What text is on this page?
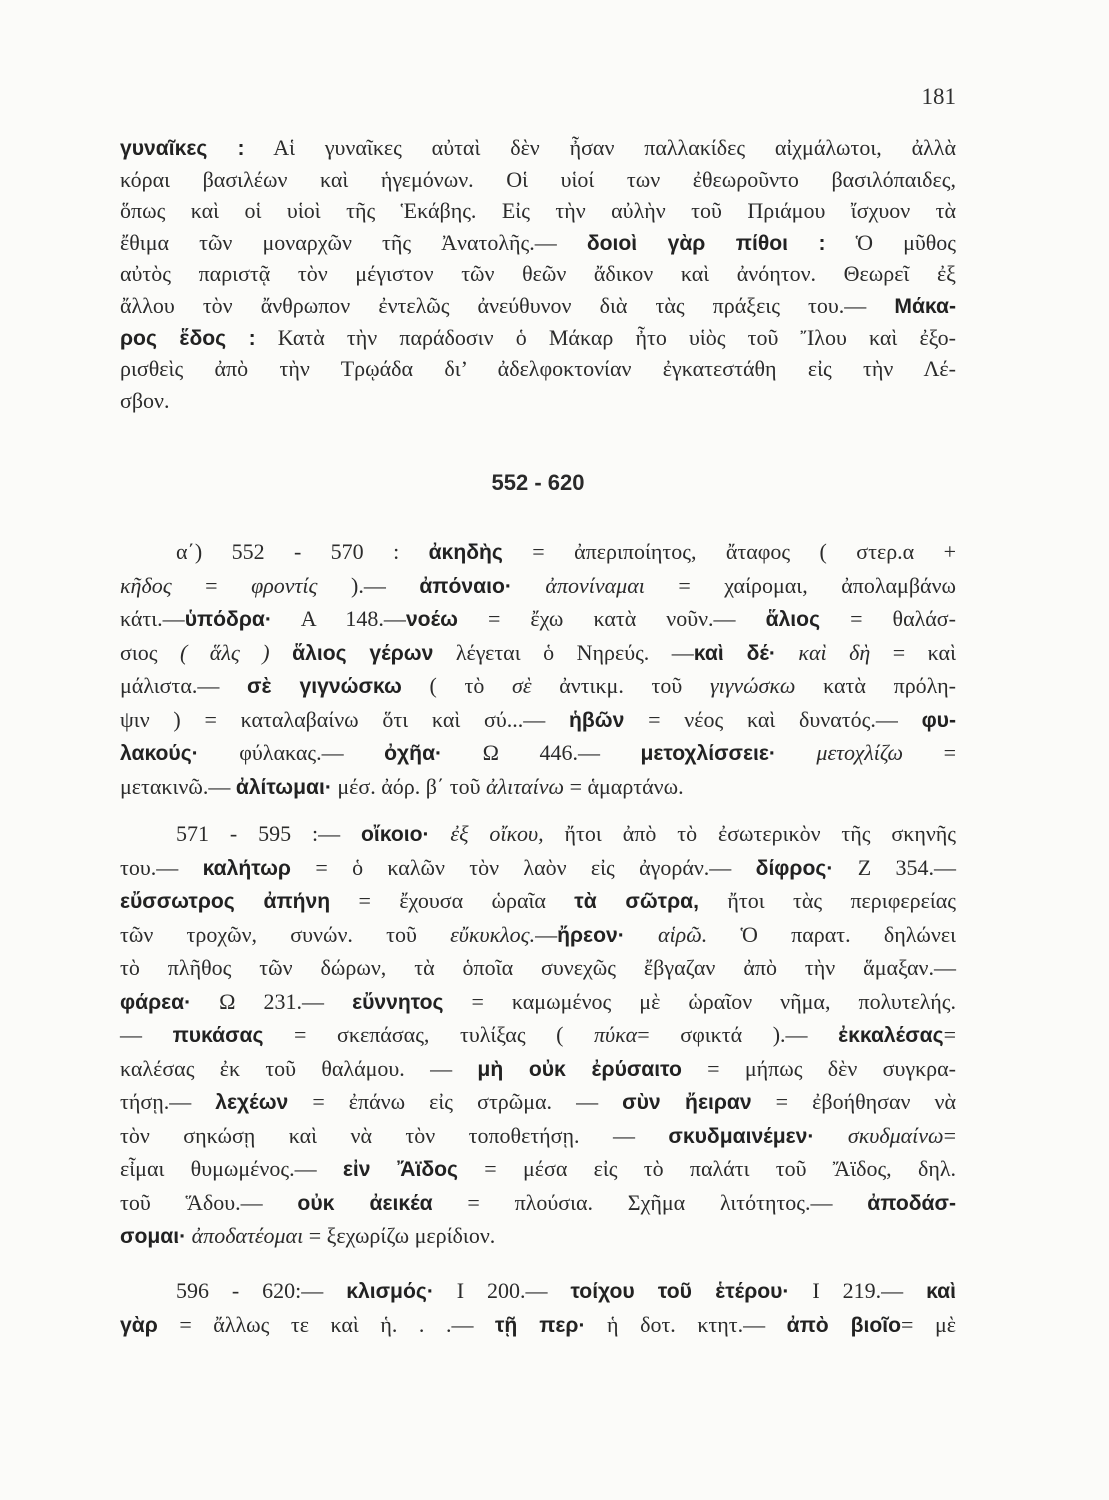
181
γυναῖκες : Αἱ γυναῖκες αὐταὶ δὲν ἦσαν παλλακίδες αἰχμάλωτοι, ἀλλὰ
κόραι βασιλέων καὶ ἡγεμόνων. Οἱ υἱοί των ἐθεωροῦντο βασιλόπαιδες,
ὅπως καὶ οἱ υἱοὶ τῆς Ἑκάβης. Εἰς τὴν αὐλὴν τοῦ Πριάμου ἴσχυον τὰ
ἔθιμα τῶν μοναρχῶν τῆς Ἀνατολῆς.— δοιοὶ γὰρ πίθοι : Ὁ μῦθος
αὐτὸς παριστᾷ τὸν μέγιστον τῶν θεῶν ἄδικον καὶ ἀνόητον. Θεωρεῖ ἐξ
ἄλλου τὸν ἄνθρωπον ἐντελῶς ἀνεύθυνον διὰ τὰς πράξεις του.— Μάκα-
ρος ἕδος : Κατὰ τὴν παράδοσιν ὁ Μάκαρ ἦτο υἱὸς τοῦ Ἴλου καὶ ἐξο-
ρισθεὶς ἀπὸ τὴν Τρῳάδα δι’ ἀδελφοκτονίαν ἐγκατεστάθη εἰς τὴν Λέ-
σβον.
552 - 620
α΄) 552 - 570 : ἀκηδὴς = ἀπεριποίητος, ἄταφος ( στερ.α +
κῆδος = φροντίς ).— ἀπόναιο· ἀπονίναμαι = χαίρομαι, ἀπολαμβάνω
κάτι.—ὑπόδρα· Α 148.—νοέω = ἔχω κατὰ νοῦν.— ἅλιος = θαλάσ-
σιος ( ἅλς ) ἅλιος γέρων λέγεται ὁ Νηρεύς. —καὶ δέ· καὶ δὴ = καὶ
μάλιστα.— σὲ γιγνώσκω ( τὸ σὲ ἀντικμ. τοῦ γιγνώσκω κατὰ πρόλη-
ψιν ) = καταλαβαίνω ὅτι καὶ σύ...— ἡβῶν = νέος καὶ δυνατός.— φυ-
λακούς· φύλακας.— ὀχῆα· Ω 446.— μετοχλίσσειε· μετοχλίζω =
μετακινῶ.— ἀλίτωμαι· μέσ. ἀόρ. β΄ τοῦ ἀλιταίνω = ἁμαρτάνω.
571 - 595 :— οἴκοιο· ἐξ οἴκου, ἤτοι ἀπὸ τὸ ἐσωτερικὸν τῆς σκηνῆς
του.— καλήτωρ = ὁ καλῶν τὸν λαὸν εἰς ἀγοράν.— δίφρος· Ζ 354.—
εὔσσωτρος ἀπήνη = ἔχουσα ὡραῖα τὰ σῶτρα, ἤτοι τὰς περιφερείας
τῶν τροχῶν, συνών. τοῦ εὔκυκλος.—ἤρεον· αἱρῶ. Ὁ παρατ. δηλώνει
τὸ πλῆθος τῶν δώρων, τὰ ὁποῖα συνεχῶς ἔβγαζαν ἀπὸ τὴν ἅμαξαν.—
φάρεα· Ω 231.— εὔννητος = καμωμένος μὲ ὡραῖον νῆμα, πολυτελής.
— πυκάσας = σκεπάσας, τυλίξας ( πύκα= σφικτά ).— ἐκκαλέσας=
καλέσας ἐκ τοῦ θαλάμου. — μὴ οὐκ ἐρύσαιτο = μήπως δὲν συγκρα-
τήσῃ.— λεχέων = ἐπάνω εἰς στρῶμα. — σὺν ἤειραν = ἐβοήθησαν νὰ
τὸν σηκώσῃ καὶ νὰ τὸν τοποθετήσῃ. — σκυδμαινέμεν· σκυδμαίνω=
εἶμαι θυμωμένος.— εἰν Ἄϊδος = μέσα εἰς τὸ παλάτι τοῦ Ἄϊδος, δηλ.
τοῦ Ἅδου.— οὐκ ἀεικέα = πλούσια. Σχῆμα λιτότητος.— ἀποδάσ-
σομαι· ἀποδατέομαι = ξεχωρίζω μερίδιον.
596 - 620:— κλισμός· Ι 200.— τοίχου τοῦ ἑτέρου· Ι 219.— καὶ
γὰρ = ἄλλως τε καὶ ἡ. . .— τῇ περ· ἡ δοτ. κτητ.— ἀπὸ βιοῖο= μὲ
